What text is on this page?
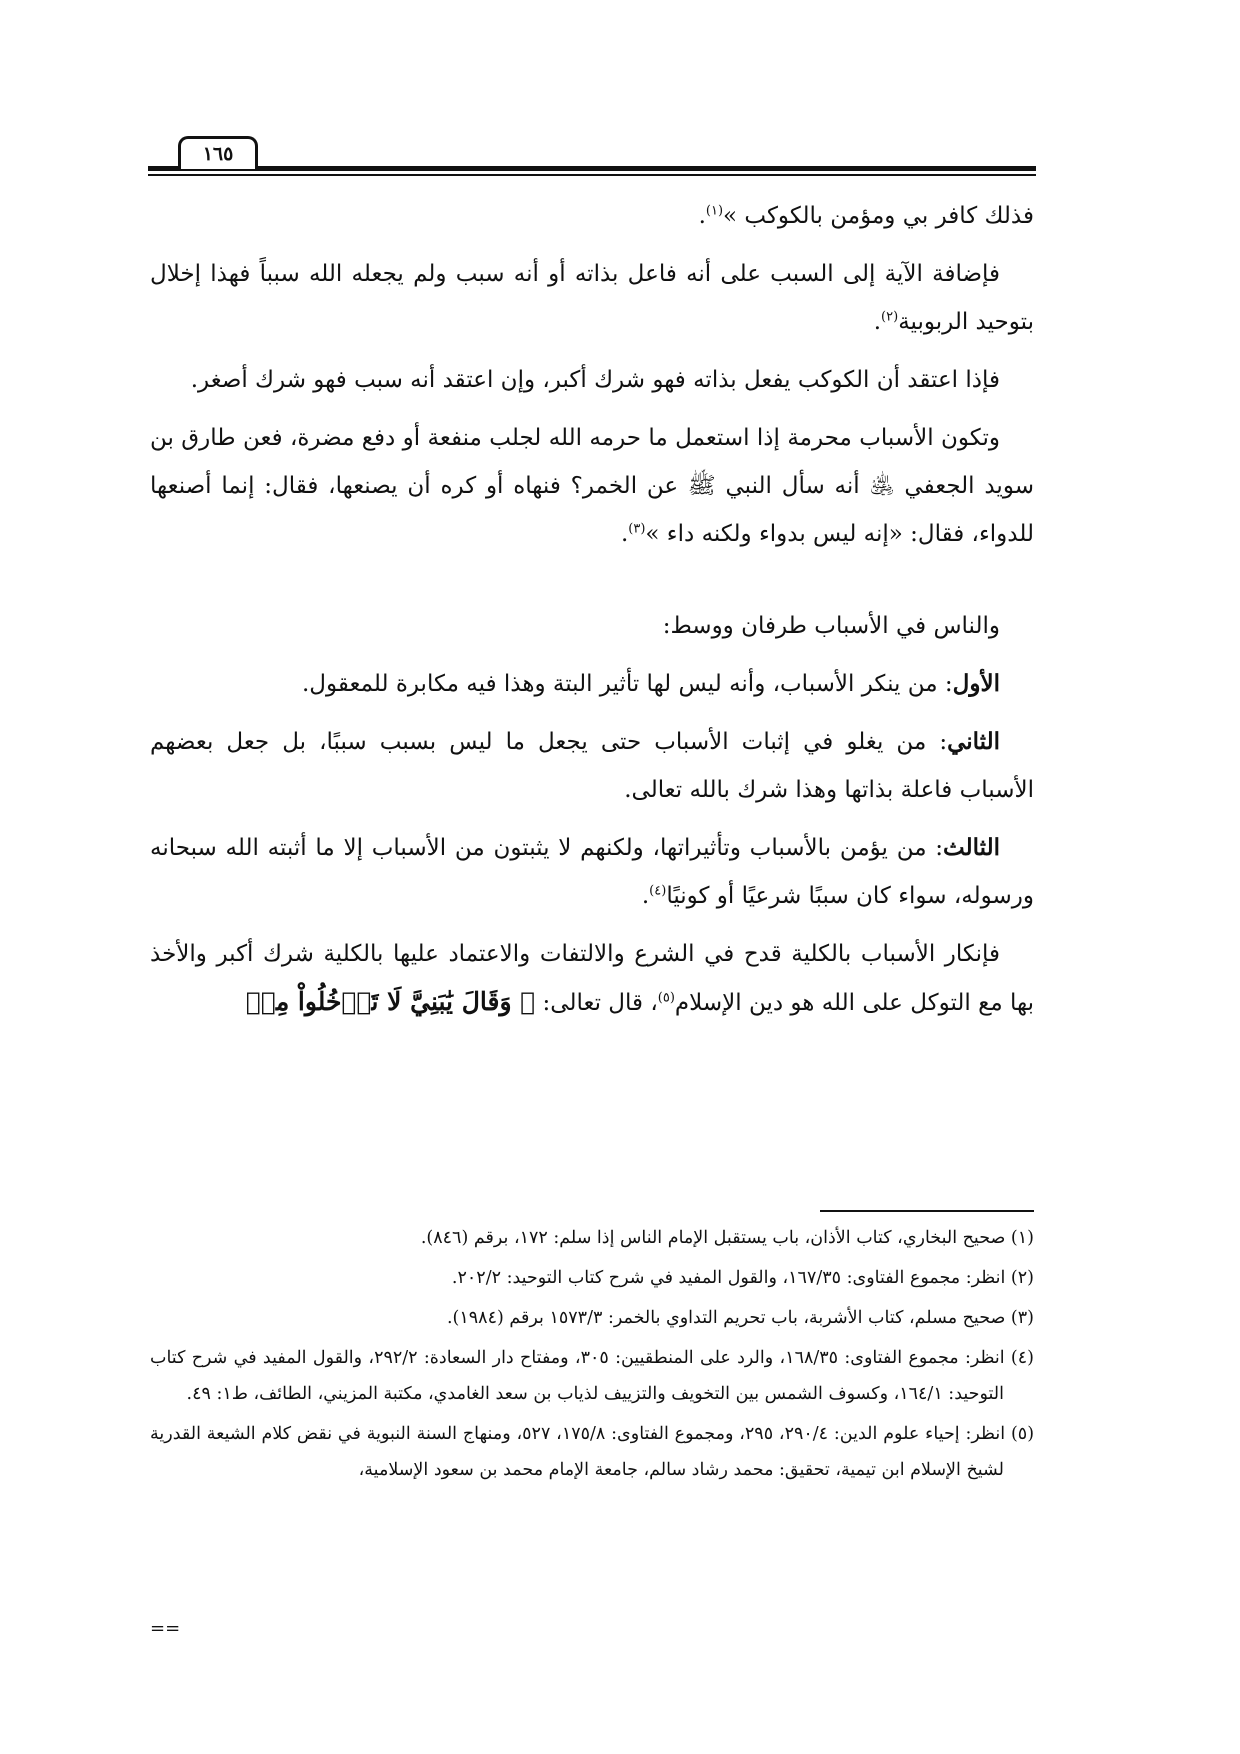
١٦٥

فذلك كافر بي ومؤمن بالكوكب »$^{(١)}$.

فإضافة الآية إلى السبب على أنه فاعل بذاته أو أنه سبب ولم يجعله الله سبباً فهذا إخلال بتوحيد الربوبية$^{(٢)}$.

فإذا اعتقد أن الكوكب يفعل بذاته فهو شرك أكبر، وإن اعتقد أنه سبب فهو شرك أصغر.

وتكون الأسباب محرمة إذا استعمل ما حرمه الله لجلب منفعة أو دفع مضرة، فعن طارق بن سويد الجعفي ﵁ أنه سأل النبي ﷺ عن الخمر؟ فنهاه أو كره أن يصنعها، فقال: إنما أصنعها للدواء، فقال: «إنه ليس بدواء ولكنه داء »$^{(٣)}$.

والناس في الأسباب طرفان ووسط:

الأول: من ينكر الأسباب، وأنه ليس لها تأثير البتة وهذا فيه مكابرة للمعقول.

الثاني: من يغلو في إثبات الأسباب حتى يجعل ما ليس بسبب سببًا، بل جعل بعضهم الأسباب فاعلة بذاتها وهذا شرك بالله تعالى.

الثالث: من يؤمن بالأسباب وتأثيراتها، ولكنهم لا يثبتون من الأسباب إلا ما أثبته الله سبحانه ورسوله، سواء كان سببًا شرعيًا أو كونيًا$^{(٤)}$.

فإنكار الأسباب بالكلية قدح في الشرع والالتفات والاعتماد عليها بالكلية شرك أكبر والأخذ بها مع التوكل على الله هو دين الإسلام$^{(٥)}$، قال تعالى: ﴿ وَقَالَ يَٰبَنِيَّ لَا تَدۡخُلُواْ مِنۢ

(١) صحيح البخاري، كتاب الأذان، باب يستقبل الإمام الناس إذا سلم: ١٧٢، برقم (٨٤٦).

(٢) انظر: مجموع الفتاوى: ١٦٧/٣٥، والقول المفيد في شرح كتاب التوحيد: ٢٠٢/٢.

(٣) صحيح مسلم، كتاب الأشربة، باب تحريم التداوي بالخمر: ١٥٧٣/٣ برقم (١٩٨٤).

(٤) انظر: مجموع الفتاوى: ١٦٨/٣٥، والرد على المنطقيين: ٣٠٥، ومفتاح دار السعادة: ٢٩٢/٢، والقول المفيد في شرح كتاب التوحيد: ١٦٤/١، وكسوف الشمس بين التخويف والتزييف لذياب بن سعد الغامدي، مكتبة المزيني، الطائف، ط١: ٤٩.

(٥) انظر: إحياء علوم الدين: ٢٩٠/٤، ٢٩٥، ومجموع الفتاوى: ١٧٥/٨، ٥٢٧، ومنهاج السنة النبوية في نقض كلام الشيعة القدرية لشيخ الإسلام ابن تيمية، تحقيق: محمد رشاد سالم، جامعة الإمام محمد بن سعود الإسلامية،

==
